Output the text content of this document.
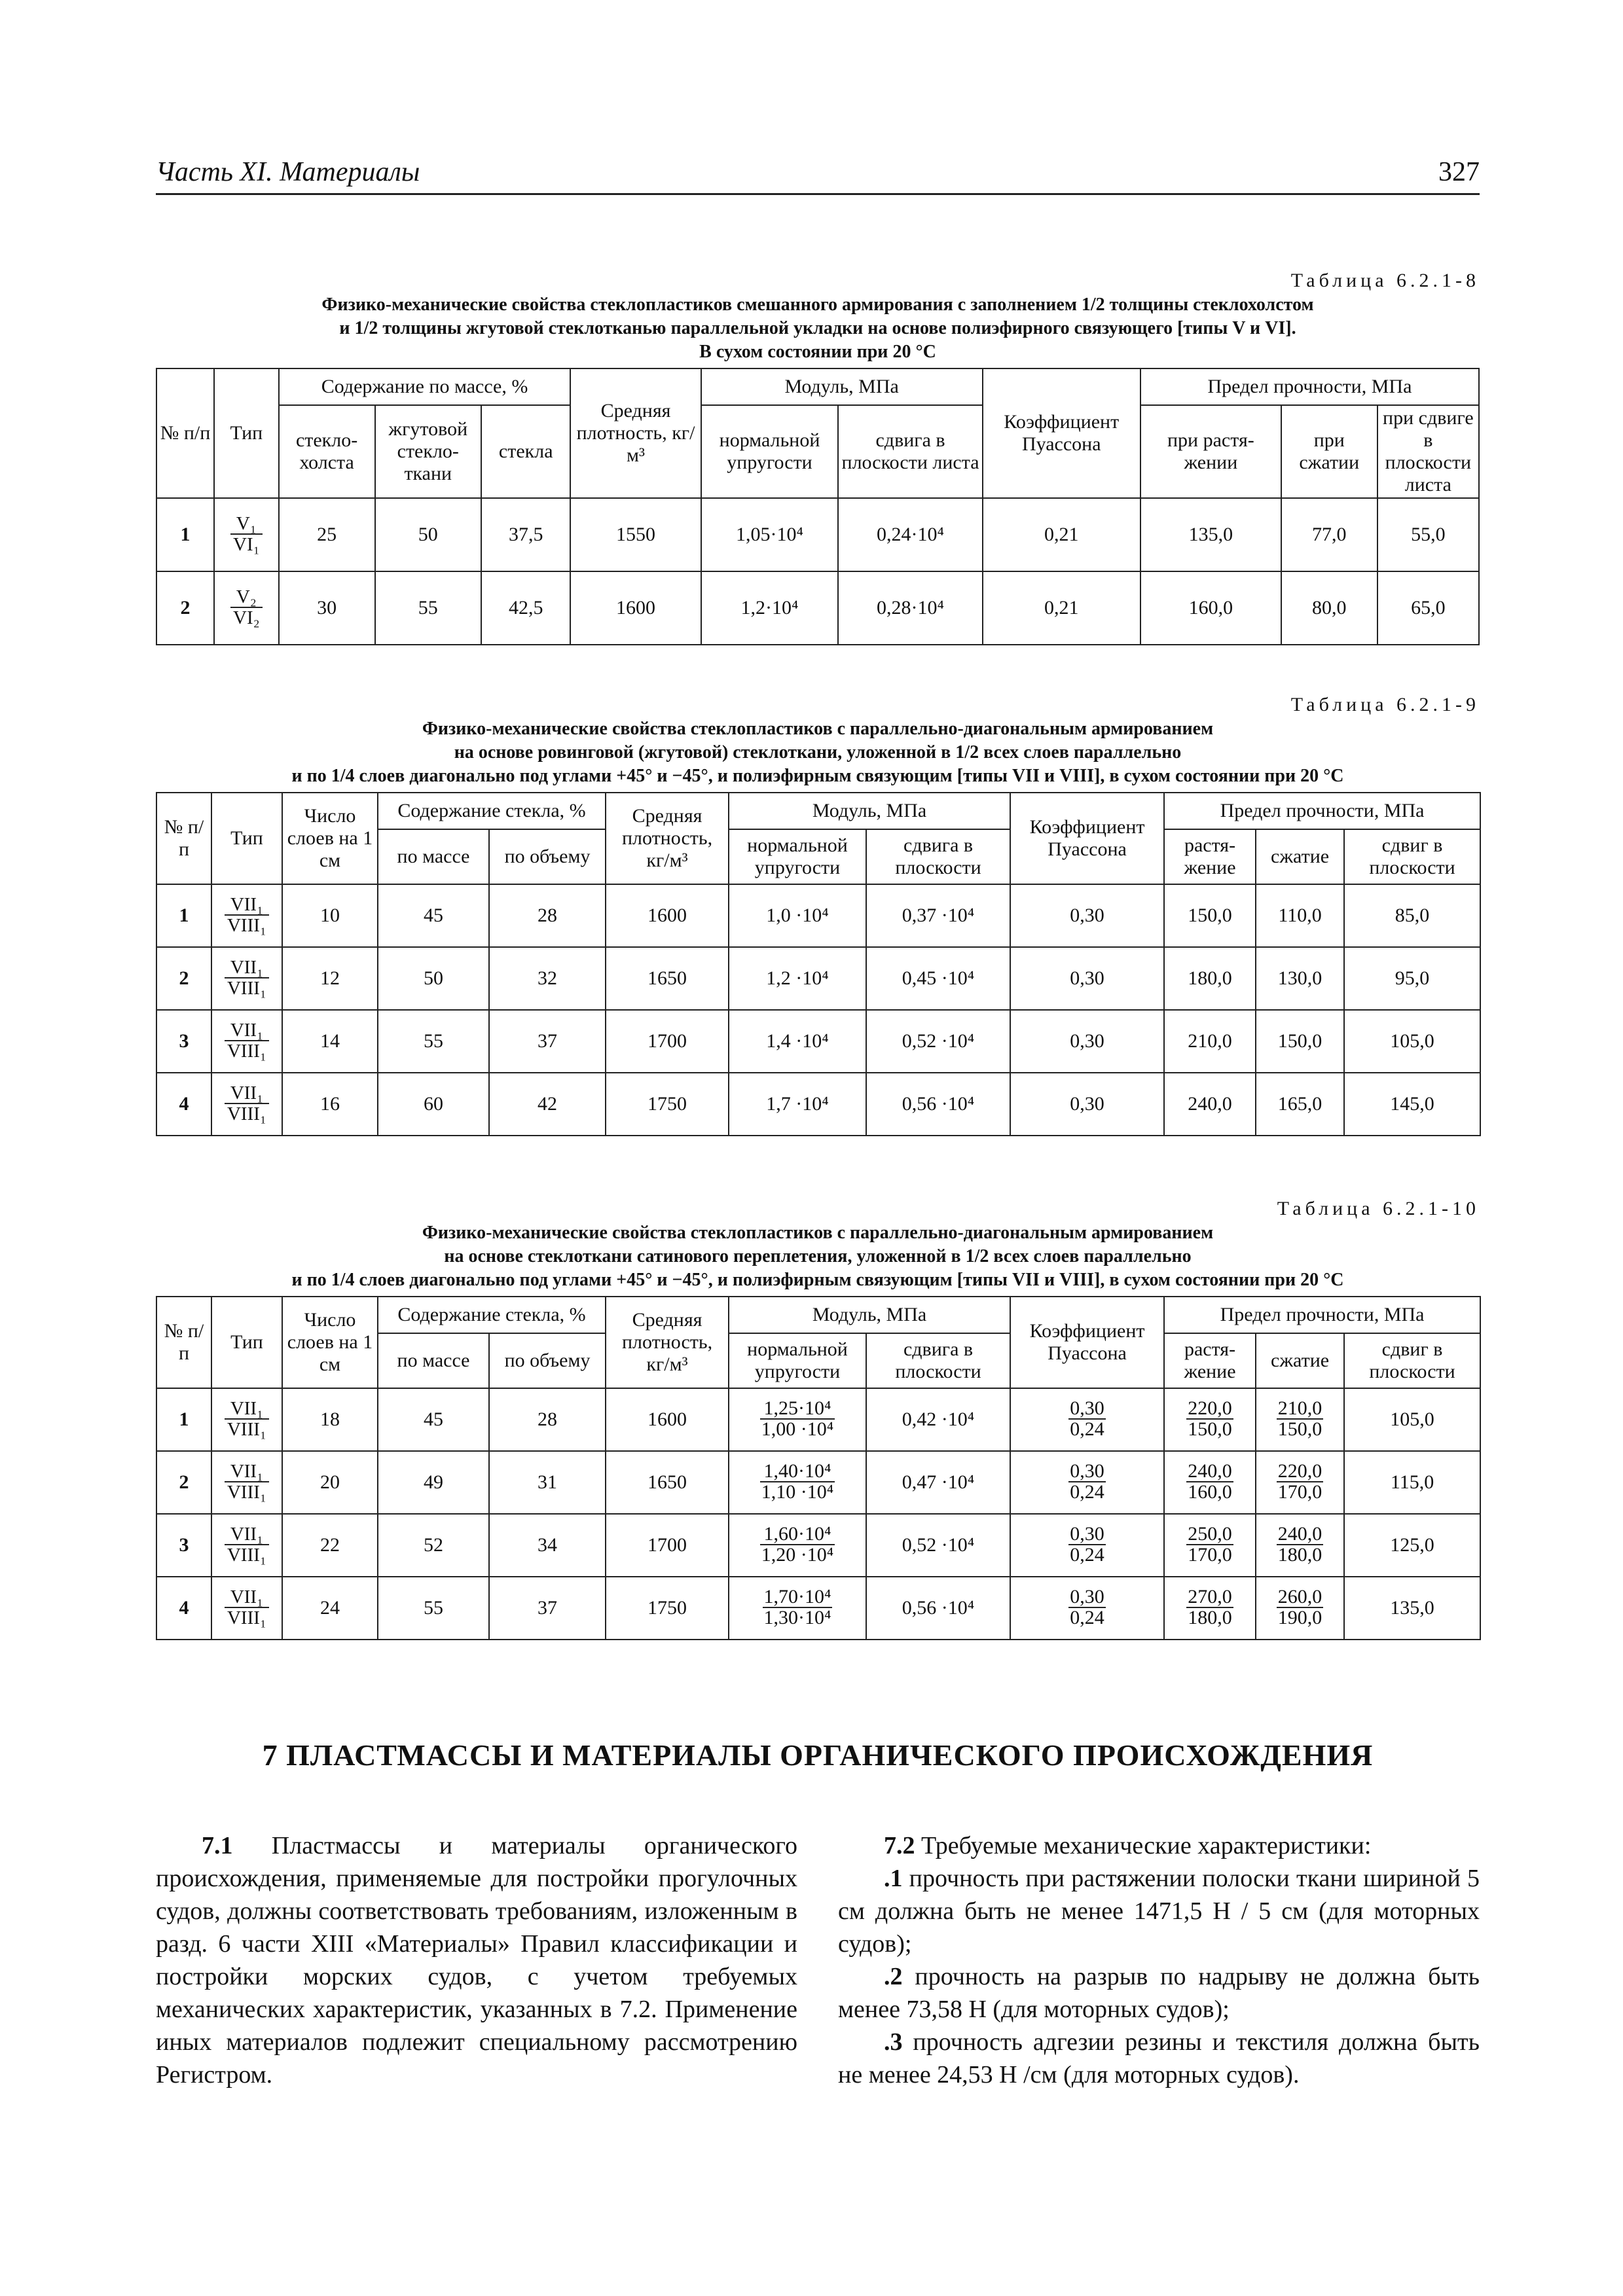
Часть XI. Материалы	327
Таблица 6.2.1-8
Физико-механические свойства стеклопластиков смешанного армирования с заполнением 1/2 толщины стеклохолстом
и 1/2 толщины жгутовой стеклотканью параллельной укладки на основе полиэфирного связующего [типы V и VI].
В сухом состоянии при 20 °С
№ п/п	Тип	Содержание по массе, %			Средняя плотность, кг/м³	Модуль, МПа		Коэффициент Пуассона	Предел прочности, МПа		
		стекло-холста	жгутовой стекло-ткани	стекла		нормальной упругости	сдвига в плоскости листа		при растя-жении	при сжатии	при сдвиге в плоскости листа
1	$\frac{\text{V₁}}{\text{VI₁}}$	25	50	37,5	1550	1,05·10⁴	0,24·10⁴	0,21	135,0	77,0	55,0
2	$\frac{\text{V₂}}{\text{VI₂}}$	30	55	42,5	1600	1,2·10⁴	0,28·10⁴	0,21	160,0	80,0	65,0
Таблица 6.2.1-9
Физико-механические свойства стеклопластиков с параллельно-диагональным армированием
на основе ровинговой (жгутовой) стеклоткани, уложенной в 1/2 всех слоев параллельно
и по 1/4 слоев диагонально под углами +45° и −45°, и полиэфирным связующим [типы VII и VIII], в сухом состоянии при 20 °С
№ п/п	Тип	Число слоев на 1 см	Содержание стекла, %		Средняя плотность, кг/м³	Модуль, МПа		Коэффициент Пуассона	Предел прочности, МПа		
			по массе	по объему		нормальной упругости	сдвига в плоскости		растя-жение	сжатие	сдвиг в плоскости
1	VII₁
VIII₁	10	45	28	1600	1,0 ·10⁴	0,37 ·10⁴	0,30	150,0	110,0	85,0
2	VII₁
VIII₁	12	50	32	1650	1,2 ·10⁴	0,45 ·10⁴	0,30	180,0	130,0	95,0
3	VII₁
VIII₁	14	55	37	1700	1,4 ·10⁴	0,52 ·10⁴	0,30	210,0	150,0	105,0
4	VII₁
VIII₁	16	60	42	1750	1,7 ·10⁴	0,56 ·10⁴	0,30	240,0	165,0	145,0
Таблица 6.2.1-10
Физико-механические свойства стеклопластиков с параллельно-диагональным армированием
на основе стеклоткани сатинового переплетения, уложенной в 1/2 всех слоев параллельно
и по 1/4 слоев диагонально под углами +45° и −45°, и полиэфирным связующим [типы VII и VIII], в сухом состоянии при 20 °С
№ п/п	Тип	Число слоев на 1 см	Содержание стекла, %		Средняя плотность, кг/м³	Модуль, МПа		Коэффициент Пуассона	Предел прочности, МПа		
			по массе	по объему		нормальной упругости	сдвига в плоскости		растя-жение	сжатие	сдвиг в плоскости
1	VII₁
VIII₁	18	45	28	1600	$\frac{\text{1,25·10⁴}}{\text{1,00 ·10⁴}}$	0,42 ·10⁴	$\frac{0,30}{0,24}$	$\frac{220,0}{150,0}$	$\frac{210,0}{150,0}$	105,0
2	VII₁
VIII₁	20	49	31	1650	$\frac{\text{1,40·10⁴}}{\text{1,10 ·10⁴}}$	0,47 ·10⁴	$\frac{0,30}{0,24}$	$\frac{240,0}{160,0}$	$\frac{220,0}{170,0}$	115,0
3	VII₁
VIII₁	22	52	34	1700	$\frac{\text{1,60·10⁴}}{\text{1,20 ·10⁴}}$	0,52 ·10⁴	$\frac{0,30}{0,24}$	$\frac{250,0}{170,0}$	$\frac{240,0}{180,0}$	125,0
4	VII₁
VIII₁	24	55	37	1750	$\frac{\text{1,70·10⁴}}{\text{1,30·10⁴}}$	0,56 ·10⁴	$\frac{0,30}{0,24}$	$\frac{270,0}{180,0}$	$\frac{260,0}{190,0}$	135,0
7 ПЛАСТМАССЫ И МАТЕРИАЛЫ ОРГАНИЧЕСКОГО ПРОИСХОЖДЕНИЯ

7.1 Пластмассы и материалы органического происхождения, применяемые для постройки прогулочных судов, должны соответствовать требованиям, изложенным в разд. 6 части XIII «Материалы» Правил классификации и постройки морских судов, с учетом требуемых механических характеристик, указанных в 7.2. Применение иных материалов подлежит специальному рассмотрению Регистром.

7.2 Требуемые механические характеристики:

.1 прочность при растяжении полоски ткани шириной 5 см должна быть не менее 1471,5 Н / 5 см (для моторных судов);

.2 прочность на разрыв по надрыву не должна быть менее 73,58 Н (для моторных судов);

.3 прочность адгезии резины и текстиля должна быть не менее 24,53 Н /см (для моторных судов).
